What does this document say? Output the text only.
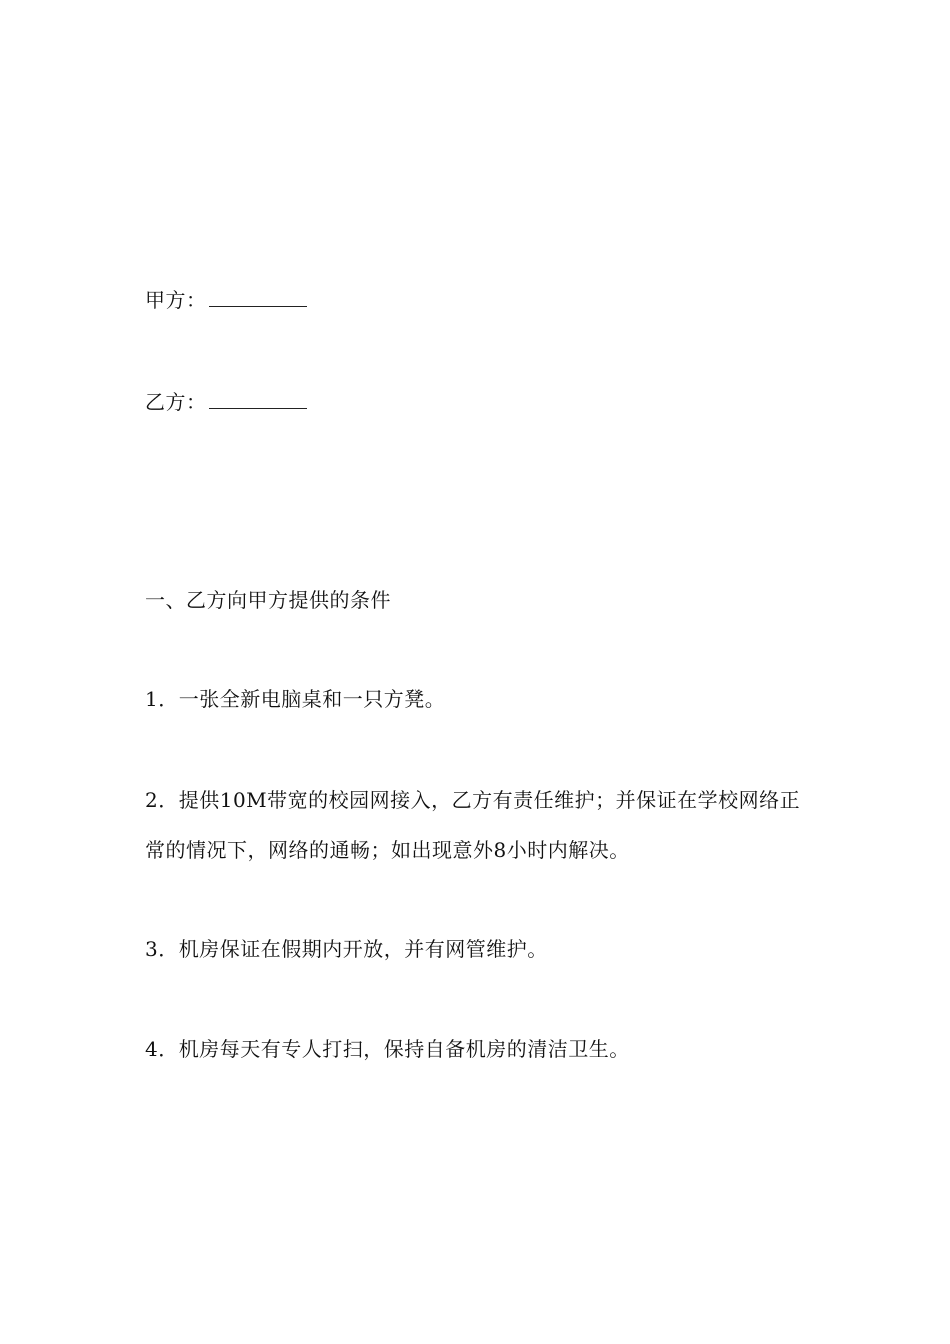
甲方：
乙方：
一、乙方向甲方提供的条件
1．一张全新电脑桌和一只方凳。
2．提供10M带宽的校园网接入，乙方有责任维护；并保证在学校网络正常的情况下，网络的通畅；如出现意外8小时内解决。
3．机房保证在假期内开放，并有网管维护。
4．机房每天有专人打扫，保持自备机房的清洁卫生。
